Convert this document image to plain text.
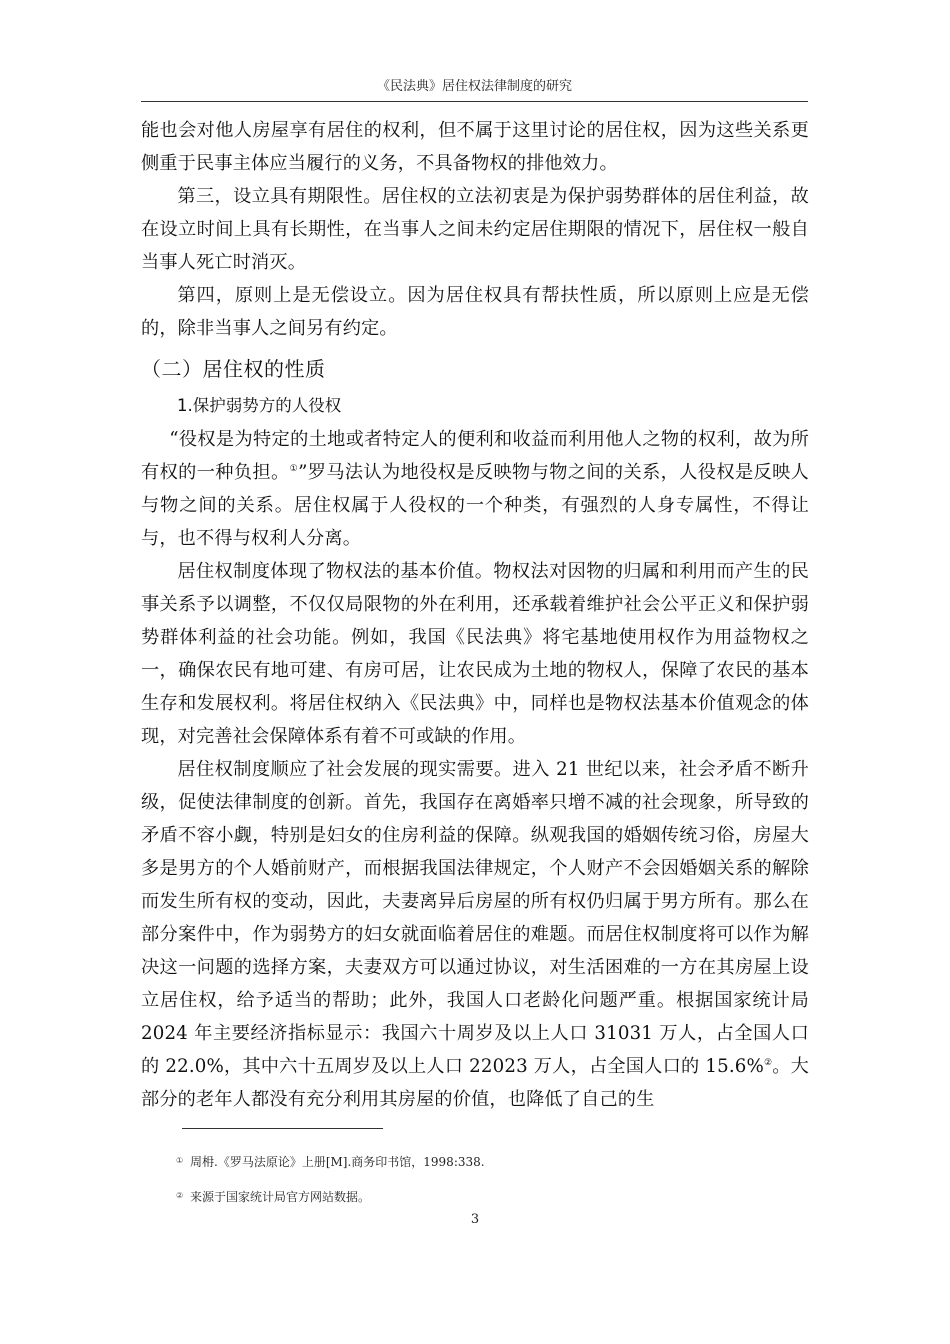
《民法典》居住权法律制度的研究

能也会对他人房屋享有居住的权利，但不属于这里讨论的居住权，因为这些关系更侧重于民事主体应当履行的义务，不具备物权的排他效力。

第三，设立具有期限性。居住权的立法初衷是为保护弱势群体的居住利益，故在设立时间上具有长期性，在当事人之间未约定居住期限的情况下，居住权一般自当事人死亡时消灭。

第四，原则上是无偿设立。因为居住权具有帮扶性质，所以原则上应是无偿的，除非当事人之间另有约定。

（二）居住权的性质
1.保护弱势方的人役权

“役权是为特定的土地或者特定人的便利和收益而利用他人之物的权利，故为所有权的一种负担。①”罗马法认为地役权是反映物与物之间的关系，人役权是反映人与物之间的关系。居住权属于人役权的一个种类，有强烈的人身专属性，不得让与，也不得与权利人分离。

居住权制度体现了物权法的基本价值。物权法对因物的归属和利用而产生的民事关系予以调整，不仅仅局限物的外在利用，还承载着维护社会公平正义和保护弱势群体利益的社会功能。例如，我国《民法典》将宅基地使用权作为用益物权之一，确保农民有地可建、有房可居，让农民成为土地的物权人，保障了农民的基本生存和发展权利。将居住权纳入《民法典》中，同样也是物权法基本价值观念的体现，对完善社会保障体系有着不可或缺的作用。

居住权制度顺应了社会发展的现实需要。进入 21 世纪以来，社会矛盾不断升级，促使法律制度的创新。首先，我国存在离婚率只增不减的社会现象，所导致的矛盾不容小觑，特别是妇女的住房利益的保障。纵观我国的婚姻传统习俗，房屋大多是男方的个人婚前财产，而根据我国法律规定，个人财产不会因婚姻关系的解除而发生所有权的变动，因此，夫妻离异后房屋的所有权仍归属于男方所有。那么在部分案件中，作为弱势方的妇女就面临着居住的难题。而居住权制度将可以作为解决这一问题的选择方案，夫妻双方可以通过协议，对生活困难的一方在其房屋上设立居住权，给予适当的帮助；此外，我国人口老龄化问题严重。根据国家统计局 2024 年主要经济指标显示：我国六十周岁及以上人口 31031 万人，占全国人口的 22.0%，其中六十五周岁及以上人口 22023 万人，占全国人口的 15.6%②。大部分的老年人都没有充分利用其房屋的价值，也降低了自己的生

① 周枏.《罗马法原论》上册[M].商务印书馆，1998:338.
② 来源于国家统计局官方网站数据。
3
